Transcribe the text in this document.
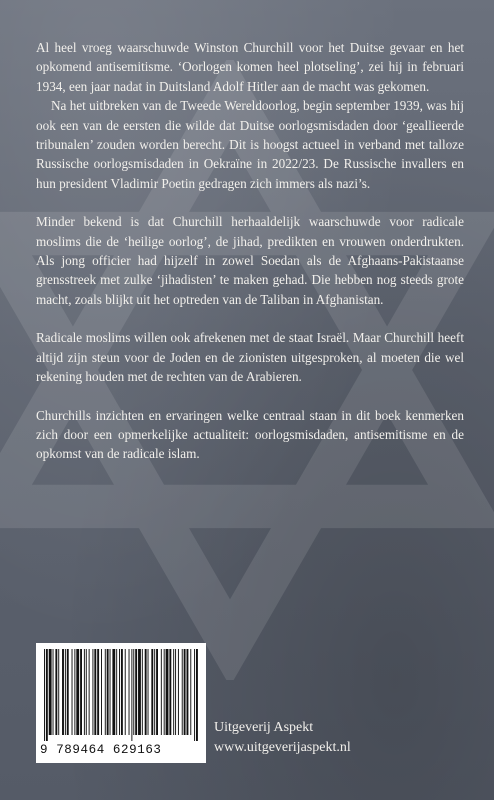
Al heel vroeg waarschuwde Winston Churchill voor het Duitse gevaar en het opkomend antisemitisme. ‘Oorlogen komen heel plotseling’, zei hij in februari 1934, een jaar nadat in Duitsland Adolf Hitler aan de macht was gekomen.

Na het uitbreken van de Tweede Wereldoorlog, begin september 1939, was hij ook een van de eersten die wilde dat Duitse oorlogsmisdaden door ‘geallieerde tribunalen’ zouden worden berecht. Dit is hoogst actueel in verband met talloze Russische oorlogsmisdaden in Oekraïne in 2022/23. De Russische invallers en hun president Vladimir Poetin gedragen zich immers als nazi’s.

Minder bekend is dat Churchill herhaaldelijk waarschuwde voor radicale moslims die de ‘heilige oorlog’, de jihad, predikten en vrouwen onderdrukten. Als jong officier had hijzelf in zowel Soedan als de Afghaans-Pakistaanse grensstreek met zulke ‘jihadisten’ te maken gehad. Die hebben nog steeds grote macht, zoals blijkt uit het optreden van de Taliban in Afghanistan.

Radicale moslims willen ook afrekenen met de staat Israël. Maar Churchill heeft altijd zijn steun voor de Joden en de zionisten uitgesproken, al moeten die wel rekening houden met de rechten van de Arabieren.

Churchills inzichten en ervaringen welke centraal staan in dit boek kenmerken zich door een opmerkelijke actualiteit: oorlogsmisdaden, antisemitisme en de opkomst van de radicale islam.

9 789464 629163
Uitgeverij Aspekt
www.uitgeverijaspekt.nl
